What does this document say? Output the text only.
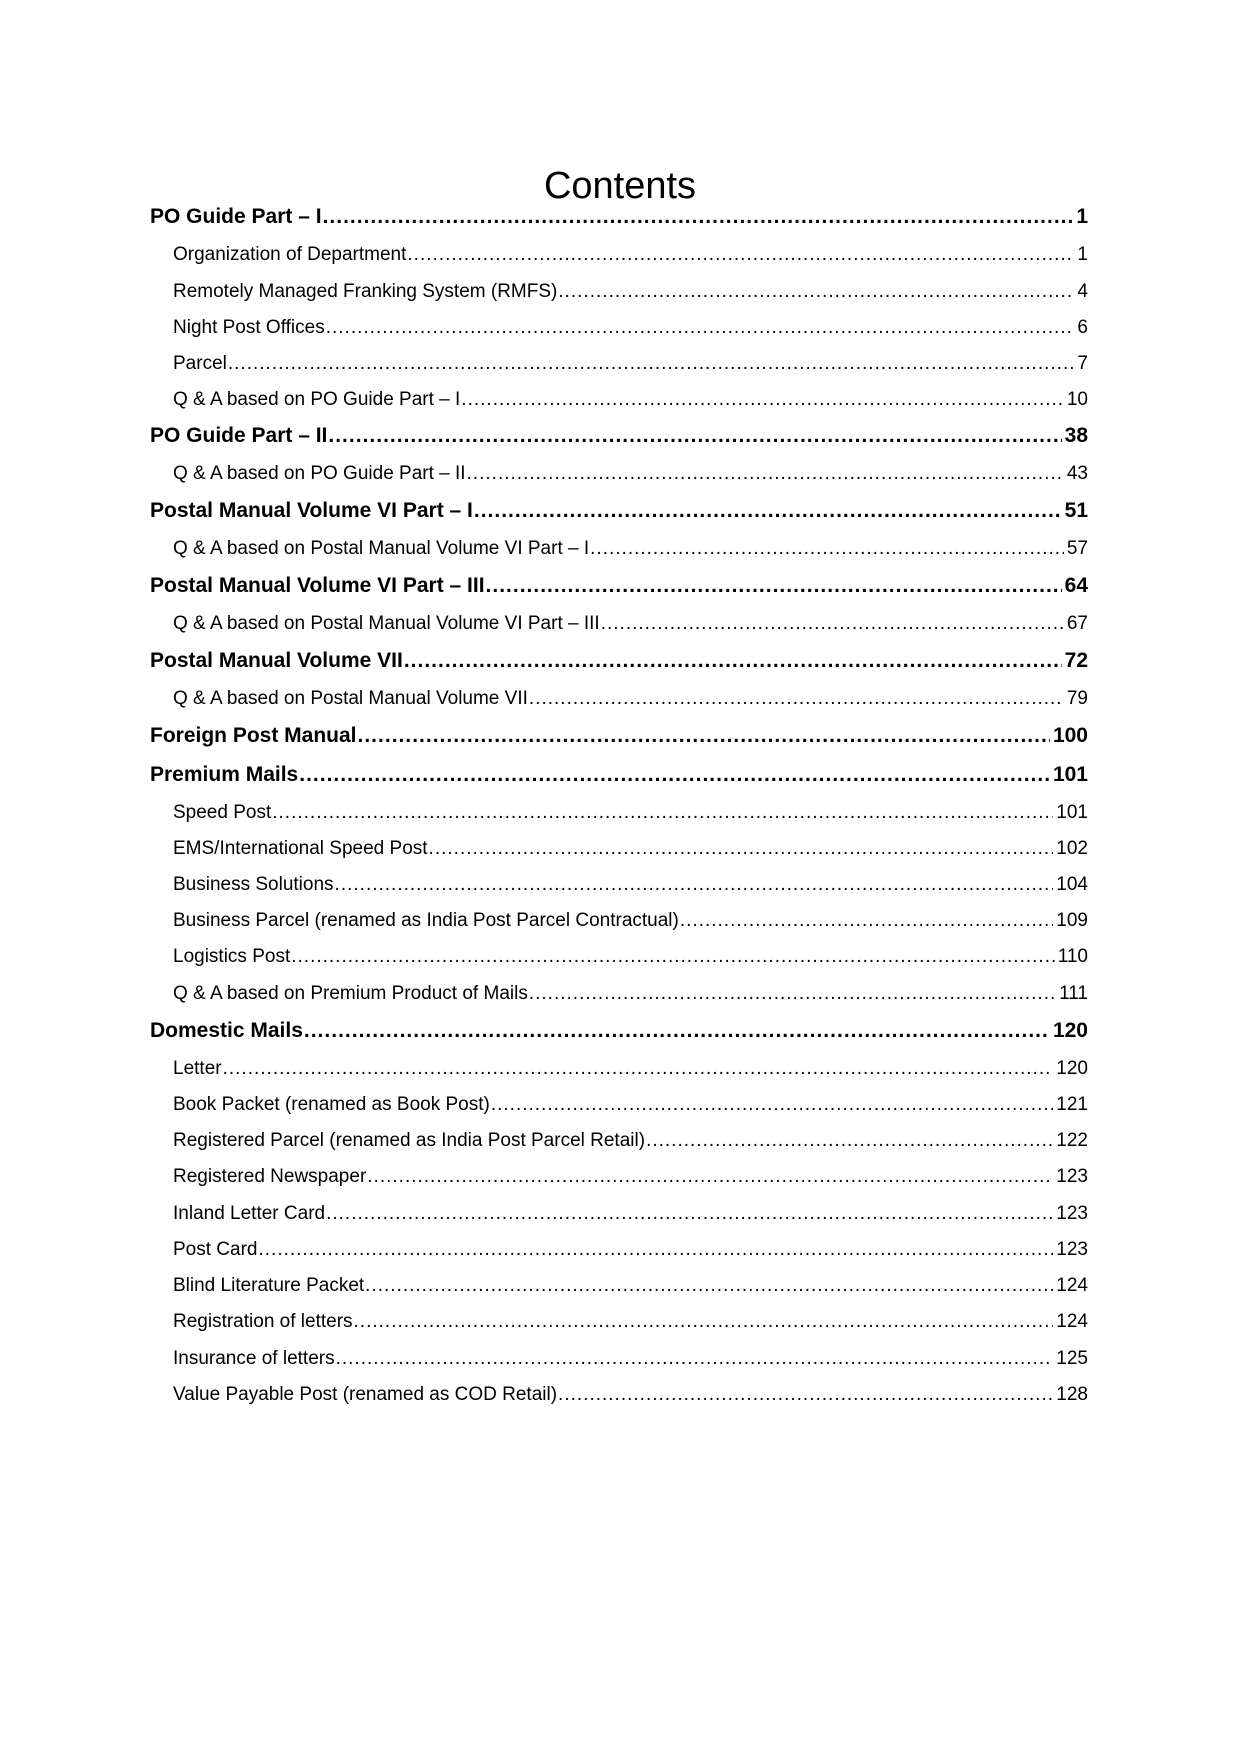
Contents
PO Guide Part – I .....	1
Organization of Department .....	1
Remotely Managed Franking System (RMFS) .....	4
Night Post Offices .....	6
Parcel .....	7
Q & A based on PO Guide Part – I .....	10
PO Guide Part – II .....	38
Q & A based on PO Guide Part – II .....	43
Postal Manual Volume VI Part – I .....	51
Q & A based on Postal Manual Volume VI Part – I .....	57
Postal Manual Volume VI Part – III .....	64
Q & A based on Postal Manual Volume VI Part – III .....	67
Postal Manual Volume VII .....	72
Q & A based on Postal Manual Volume VII .....	79
Foreign Post Manual .....	100
Premium Mails .....	101
Speed Post .....	101
EMS/International Speed Post .....	102
Business Solutions .....	104
Business Parcel (renamed as India Post Parcel Contractual) .....	109
Logistics Post .....	110
Q & A based on Premium Product of Mails .....	111
Domestic Mails .....	120
Letter .....	120
Book Packet (renamed as Book Post) .....	121
Registered Parcel (renamed as India Post Parcel Retail) .....	122
Registered Newspaper .....	123
Inland Letter Card .....	123
Post Card .....	123
Blind Literature Packet .....	124
Registration of letters .....	124
Insurance of letters .....	125
Value Payable Post (renamed as COD Retail) .....	128
